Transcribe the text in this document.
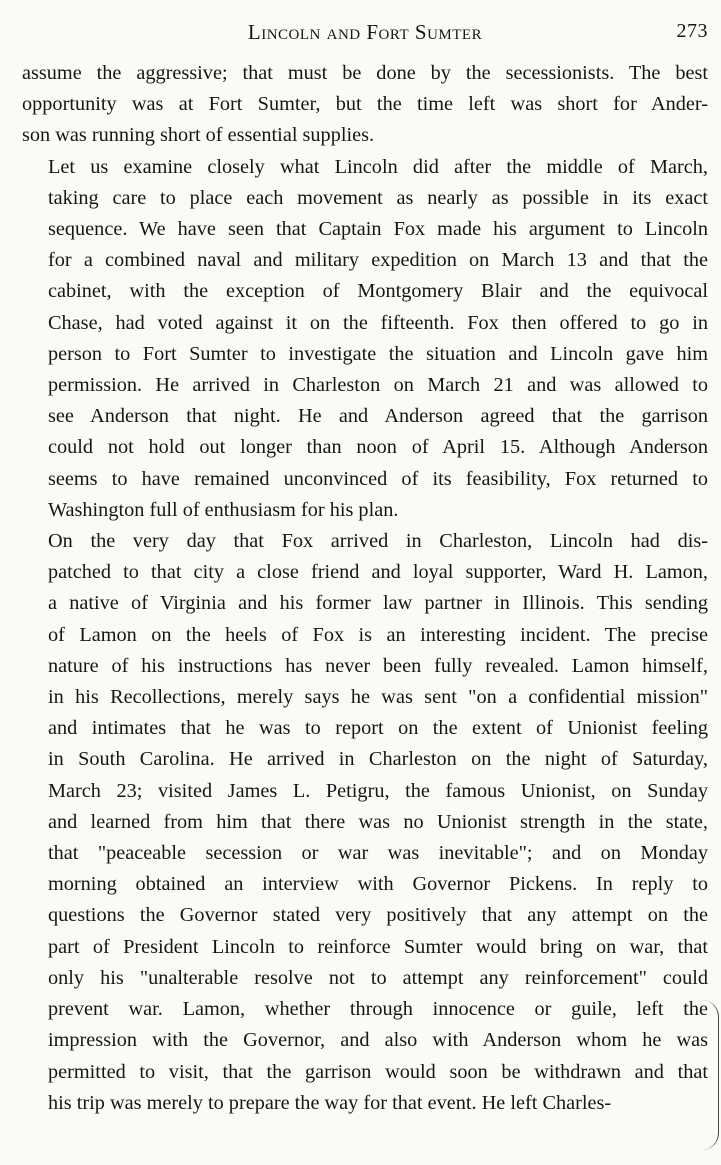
Lincoln and Fort Sumter	273
assume the aggressive; that must be done by the secessionists. The best
opportunity was at Fort Sumter, but the time left was short for Ander-
son was running short of essential supplies.
Let us examine closely what Lincoln did after the middle of March,
taking care to place each movement as nearly as possible in its exact
sequence. We have seen that Captain Fox made his argument to Lincoln
for a combined naval and military expedition on March 13 and that the
cabinet, with the exception of Montgomery Blair and the equivocal
Chase, had voted against it on the fifteenth. Fox then offered to go in
person to Fort Sumter to investigate the situation and Lincoln gave him
permission. He arrived in Charleston on March 21 and was allowed to
see Anderson that night. He and Anderson agreed that the garrison
could not hold out longer than noon of April 15. Although Anderson
seems to have remained unconvinced of its feasibility, Fox returned to
Washington full of enthusiasm for his plan.
On the very day that Fox arrived in Charleston, Lincoln had dis-
patched to that city a close friend and loyal supporter, Ward H. Lamon,
a native of Virginia and his former law partner in Illinois. This sending
of Lamon on the heels of Fox is an interesting incident. The precise
nature of his instructions has never been fully revealed. Lamon himself,
in his Recollections, merely says he was sent "on a confidential mission"
and intimates that he was to report on the extent of Unionist feeling
in South Carolina. He arrived in Charleston on the night of Saturday,
March 23; visited James L. Petigru, the famous Unionist, on Sunday
and learned from him that there was no Unionist strength in the state,
that "peaceable secession or war was inevitable"; and on Monday
morning obtained an interview with Governor Pickens. In reply to
questions the Governor stated very positively that any attempt on the
part of President Lincoln to reinforce Sumter would bring on war, that
only his "unalterable resolve not to attempt any reinforcement" could
prevent war. Lamon, whether through innocence or guile, left the
impression with the Governor, and also with Anderson whom he was
permitted to visit, that the garrison would soon be withdrawn and that
his trip was merely to prepare the way for that event. He left Charles-
